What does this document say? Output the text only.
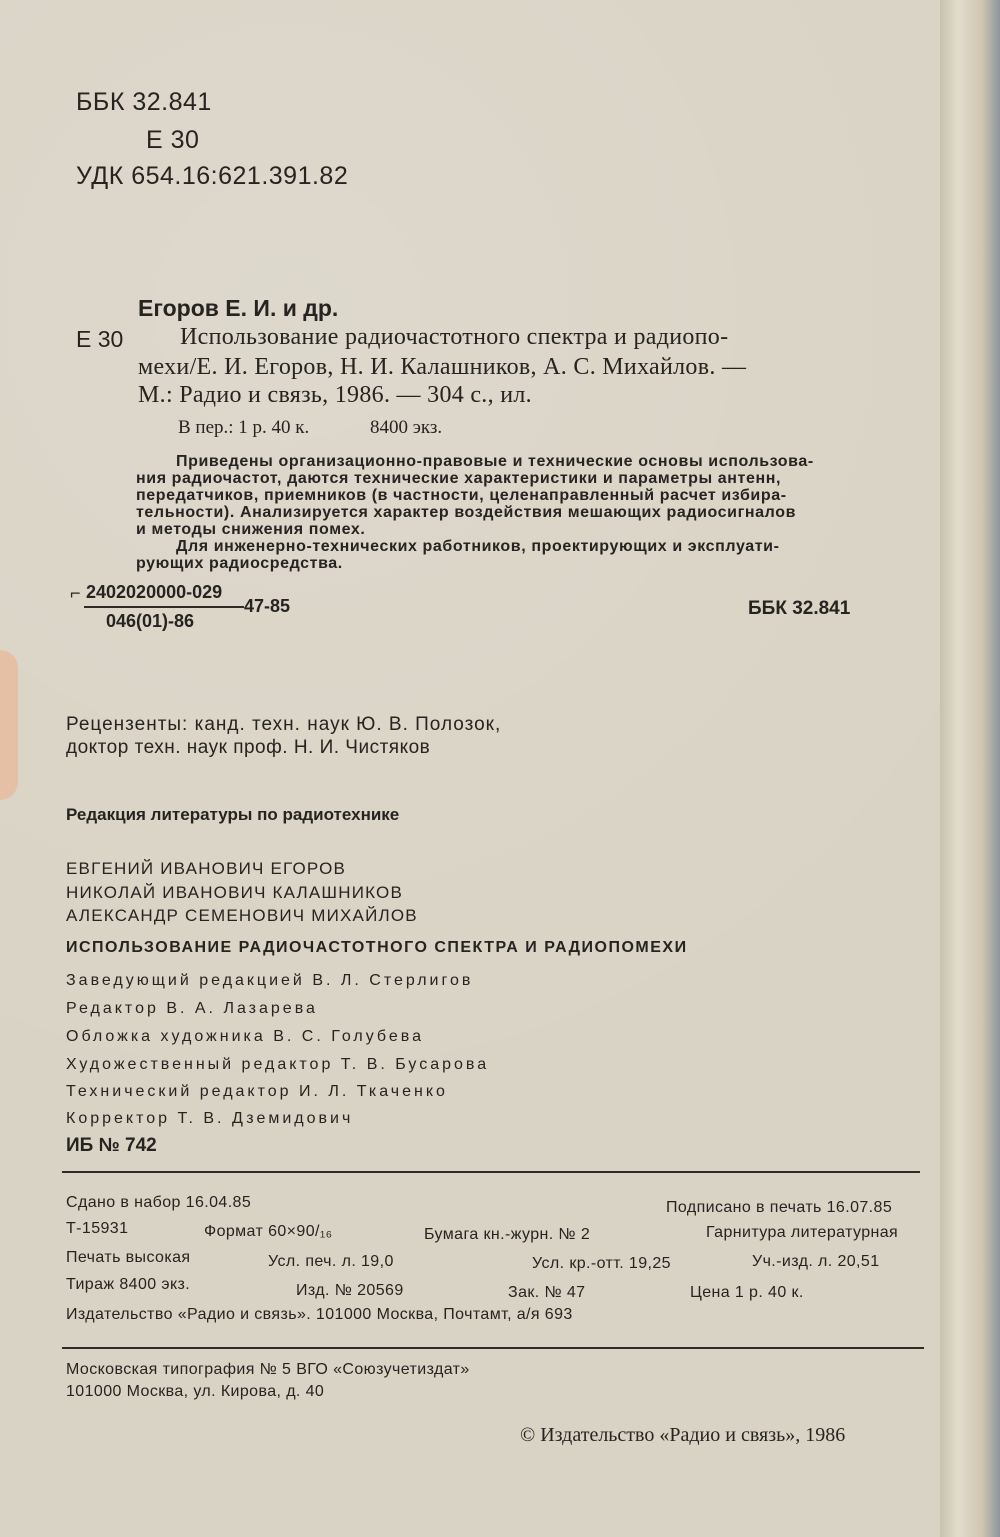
ББК 32.841
Е 30
УДК 654.16:621.391.82
Егоров Е. И. и др.
Е 30 Использование радиочастотного спектра и радиопо-
мехи/Е. И. Егоров, Н. И. Калашников, А. С. Михайлов. —
М.: Радио и связь, 1986. — 304 с., ил.
В пер.: 1 р. 40 к.	8400 экз.
Приведены организационно-правовые и технические основы использова-
ния радиочастот, даются технические характеристики и параметры антенн,
передатчиков, приемников (в частности, целенаправленный расчет избира-
тельности). Анализируется характер воздействия мешающих радиосигналов
и методы снижения помех.
Для инженерно-технических работников, проектирующих и эксплуати-
рующих радиосредства.
⌐ 2402020000-029
47-85
046(01)-86
ББК 32.841
Рецензенты: канд. техн. наук Ю. В. Полозок,
доктор техн. наук проф. Н. И. Чистяков
Редакция литературы по радиотехнике
ЕВГЕНИЙ ИВАНОВИЧ ЕГОРОВ
НИКОЛАЙ ИВАНОВИЧ КАЛАШНИКОВ
АЛЕКСАНДР СЕМЕНОВИЧ МИХАЙЛОВ
ИСПОЛЬЗОВАНИЕ РАДИОЧАСТОТНОГО СПЕКТРА И РАДИОПОМЕХИ
Заведующий редакцией В. Л. Стерлигов
Редактор В. А. Лазарева
Обложка художника В. С. Голубева
Художественный редактор Т. В. Бусарова
Технический редактор И. Л. Ткаченко
Корректор Т. В. Дземидович
ИБ № 742
Сдано в набор 16.04.85	Подписано в печать 16.07.85
Т-15931	Формат 60×90/₁₆	Бумага кн.-журн. № 2	Гарнитура литературная
Печать высокая	Усл. печ. л. 19,0	Усл. кр.-отт. 19,25	Уч.-изд. л. 20,51
Тираж 8400 экз.	Изд. № 20569	Зак. № 47	Цена 1 р. 40 к.
Издательство «Радио и связь». 101000 Москва, Почтамт, а/я 693
Московская типография № 5 ВГО «Союзучетиздат»
101000 Москва, ул. Кирова, д. 40
© Издательство «Радио и связь», 1986
